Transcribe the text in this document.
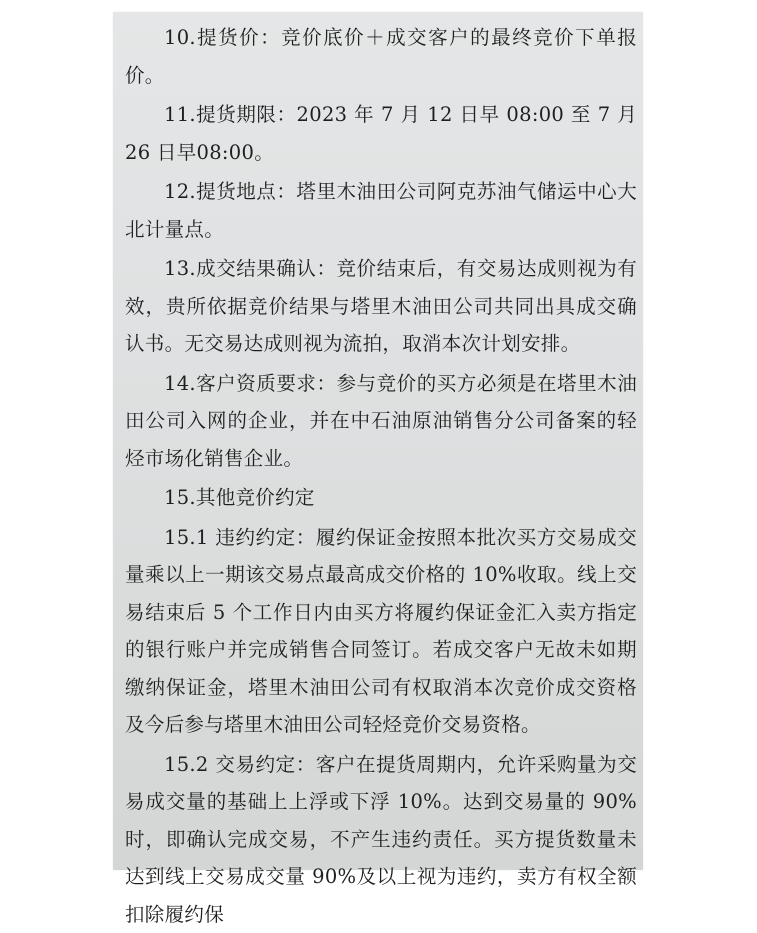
10.提货价：竞价底价＋成交客户的最终竞价下单报价。

11.提货期限：2023 年 7 月 12 日早 08:00 至 7 月 26 日早08:00。

12.提货地点：塔里木油田公司阿克苏油气储运中心大北计量点。

13.成交结果确认：竞价结束后，有交易达成则视为有效，贵所依据竞价结果与塔里木油田公司共同出具成交确认书。无交易达成则视为流拍，取消本次计划安排。

14.客户资质要求：参与竞价的买方必须是在塔里木油田公司入网的企业，并在中石油原油销售分公司备案的轻烃市场化销售企业。

15.其他竞价约定

15.1 违约约定：履约保证金按照本批次买方交易成交量乘以上一期该交易点最高成交价格的 10%收取。线上交易结束后 5 个工作日内由买方将履约保证金汇入卖方指定的银行账户并完成销售合同签订。若成交客户无故未如期缴纳保证金，塔里木油田公司有权取消本次竞价成交资格及今后参与塔里木油田公司轻烃竞价交易资格。

15.2 交易约定：客户在提货周期内，允许采购量为交易成交量的基础上上浮或下浮 10%。达到交易量的 90%时，即确认完成交易，不产生违约责任。买方提货数量未达到线上交易成交量 90%及以上视为违约，卖方有权全额扣除履约保
